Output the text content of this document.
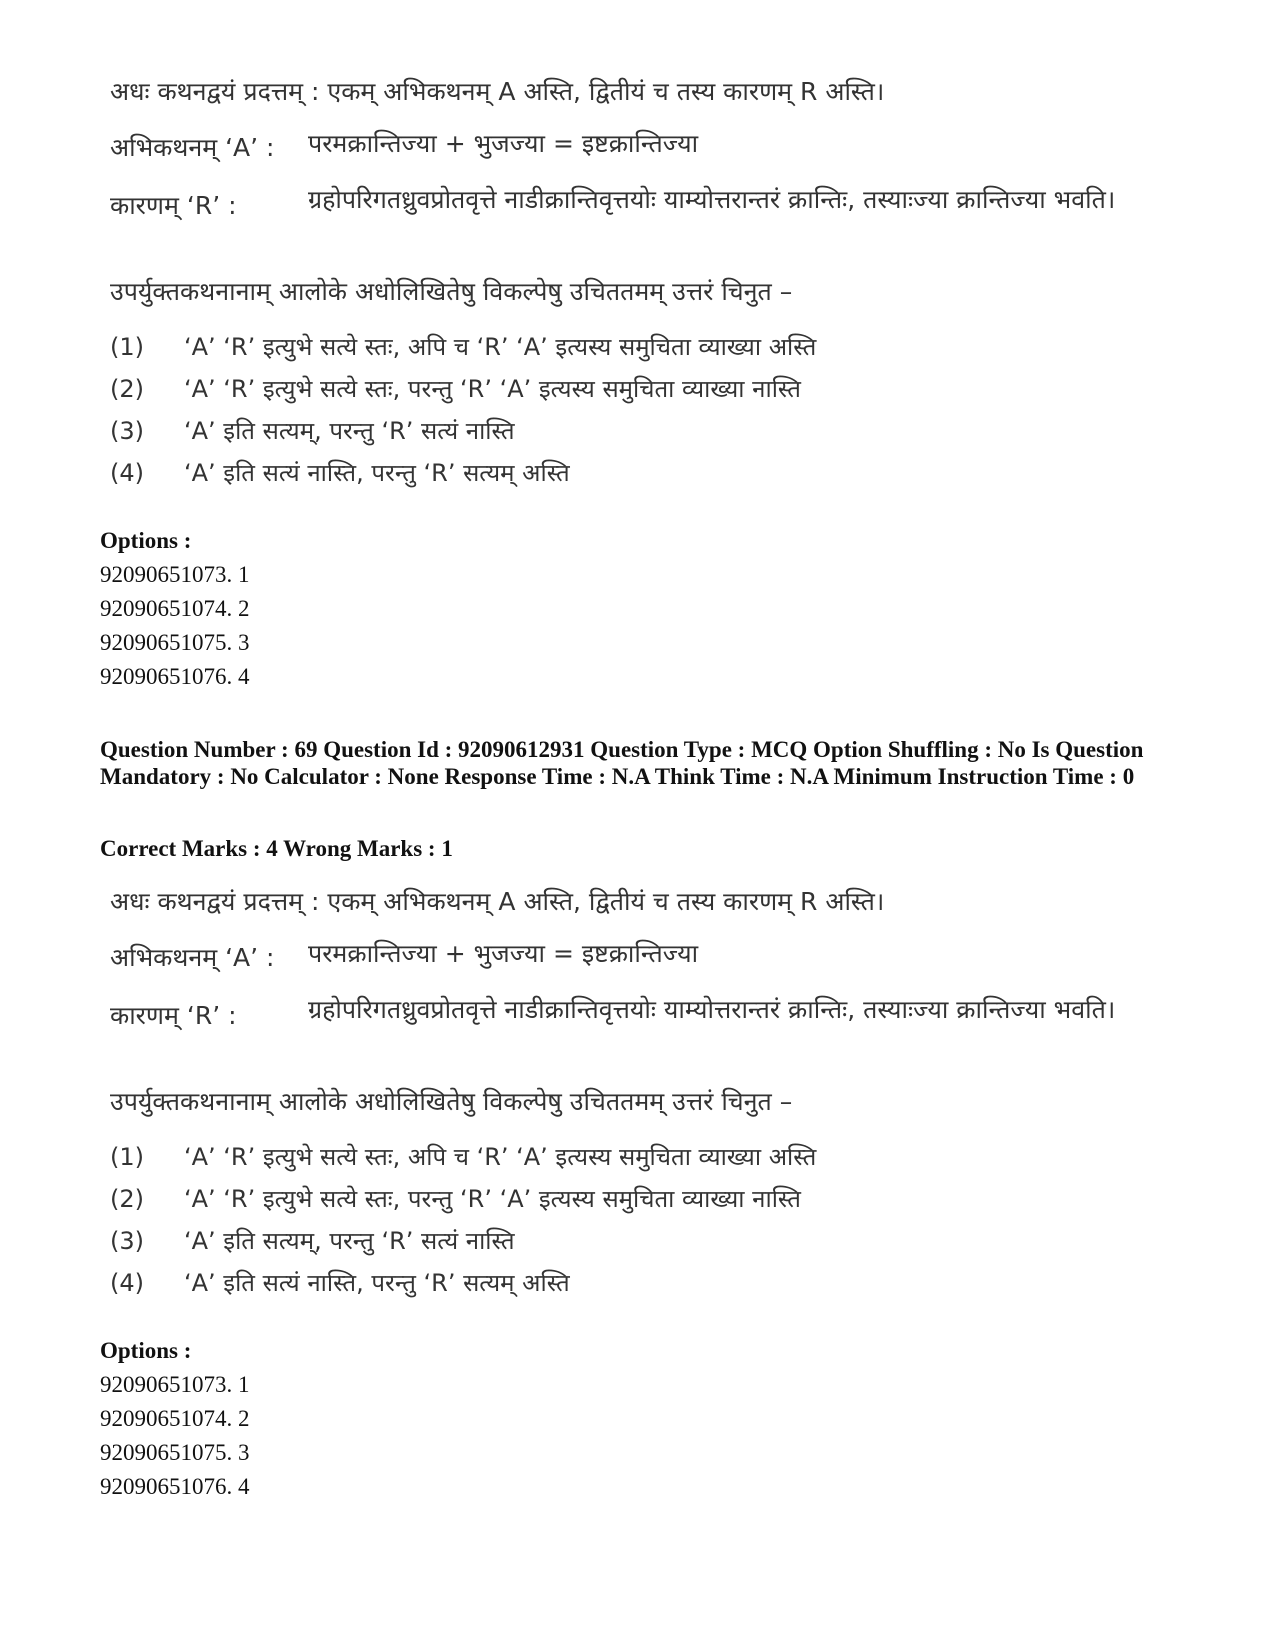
अधः कथनद्वयं प्रदत्तम् : एकम् अभिकथनम् A अस्ति, द्वितीयं च तस्य कारणम् R अस्ति।
अभिकथनम् ‘A’ : परमक्रान्तिज्या + भुजज्या = इष्टक्रान्तिज्या
कारणम् ‘R’ :	ग्रहोपरिगतध्रुवप्रोतवृत्ते नाडीक्रान्तिवृत्तयोः याम्योत्तरान्तरं क्रान्तिः, तस्याःज्या क्रान्तिज्या भवति।
उपर्युक्तकथनानाम् आलोके अधोलिखितेषु विकल्पेषु उचिततमम् उत्तरं चिनुत –
(1) ‘A’ ‘R’ इत्युभे सत्ये स्तः, अपि च ‘R’ ‘A’ इत्यस्य समुचिता व्याख्या अस्ति
(2) ‘A’ ‘R’ इत्युभे सत्ये स्तः, परन्तु ‘R’ ‘A’ इत्यस्य समुचिता व्याख्या नास्ति
(3) ‘A’ इति सत्यम्, परन्तु ‘R’ सत्यं नास्ति
(4) ‘A’ इति सत्यं नास्ति, परन्तु ‘R’ सत्यम् अस्ति
Options :
92090651073. 1
92090651074. 2
92090651075. 3
92090651076. 4
Question Number : 69 Question Id : 92090612931 Question Type : MCQ Option Shuffling : No Is Question Mandatory : No Calculator : None Response Time : N.A Think Time : N.A Minimum Instruction Time : 0
Correct Marks : 4 Wrong Marks : 1
अधः कथनद्वयं प्रदत्तम् : एकम् अभिकथनम् A अस्ति, द्वितीयं च तस्य कारणम् R अस्ति।
अभिकथनम् ‘A’ : परमक्रान्तिज्या + भुजज्या = इष्टक्रान्तिज्या
कारणम् ‘R’ :	ग्रहोपरिगतध्रुवप्रोतवृत्ते नाडीक्रान्तिवृत्तयोः याम्योत्तरान्तरं क्रान्तिः, तस्याःज्या क्रान्तिज्या भवति।
उपर्युक्तकथनानाम् आलोके अधोलिखितेषु विकल्पेषु उचिततमम् उत्तरं चिनुत –
(1) ‘A’ ‘R’ इत्युभे सत्ये स्तः, अपि च ‘R’ ‘A’ इत्यस्य समुचिता व्याख्या अस्ति
(2) ‘A’ ‘R’ इत्युभे सत्ये स्तः, परन्तु ‘R’ ‘A’ इत्यस्य समुचिता व्याख्या नास्ति
(3) ‘A’ इति सत्यम्, परन्तु ‘R’ सत्यं नास्ति
(4) ‘A’ इति सत्यं नास्ति, परन्तु ‘R’ सत्यम् अस्ति
Options :
92090651073. 1
92090651074. 2
92090651075. 3
92090651076. 4
